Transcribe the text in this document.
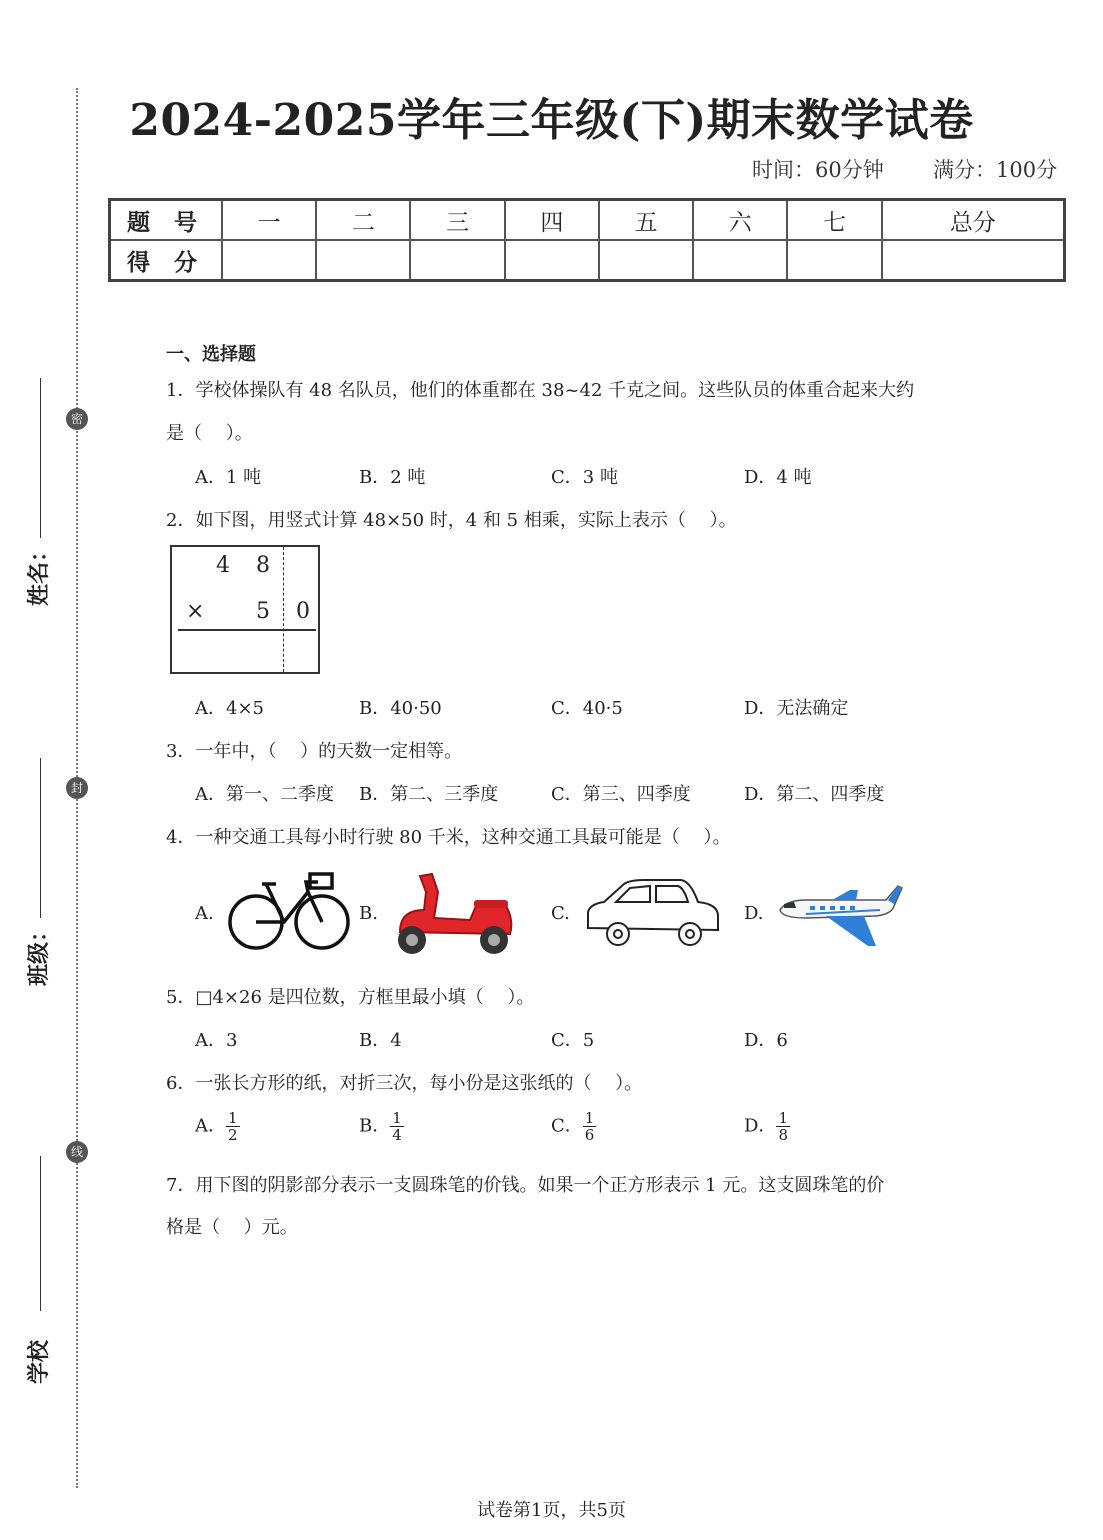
密
封
线
姓名：
班级：
学校
2024-2025学年三年级(下)期末数学试卷
时间：60分钟 满分：100分
题 号	一	二	三	四	五	六	七	总分
得 分								
一、选择题
1．学校体操队有 48 名队员，他们的体重都在 38~42 千克之间。这些队员的体重合起来大约
是（　 ）。
A．1 吨	B．2 吨	C．3 吨	D．4 吨
2．如下图，用竖式计算 48×50 时，4 和 5 相乘，实际上表示（　 ）。
4 8
× 5 0
A．4×5	B．40·50	C．40·5	D．无法确定
3．一年中，（　 ）的天数一定相等。
A．第一、二季度 B．第二、三季度	C．第三、四季度	D．第二、四季度
4．一种交通工具每小时行驶 80 千米，这种交通工具最可能是（　 ）。
A.	B.	C.	D.
5．□4×26 是四位数，方框里最小填（　 ）。
A．3	B．4	C．5	D．6
6．一张长方形的纸，对折三次，每小份是这张纸的（　 ）。
A． $\frac{1}{2}$	B． $\frac{1}{4}$	C． $\frac{1}{6}$	D． $\frac{1}{8}$
7．用下图的阴影部分表示一支圆珠笔的价钱。如果一个正方形表示 1 元。这支圆珠笔的价
格是（　 ）元。
试卷第1页，共5页
